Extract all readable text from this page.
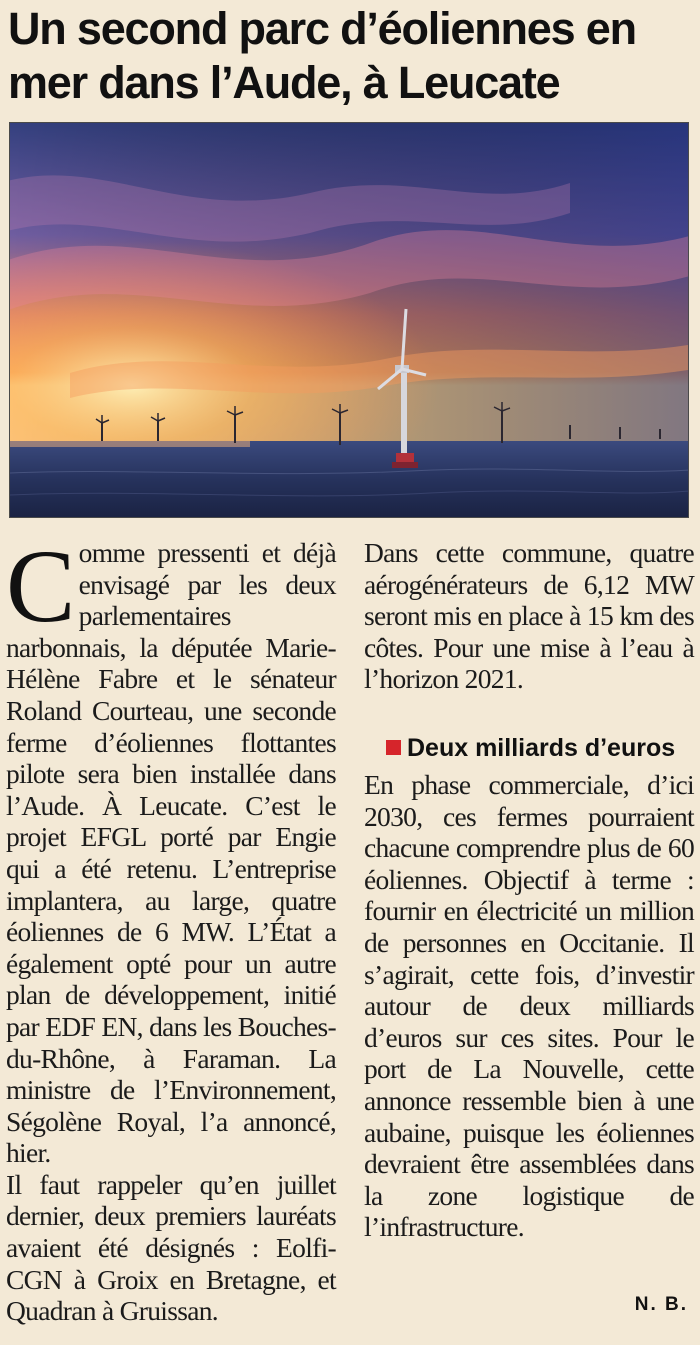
Un second parc d’éoliennes en mer dans l’Aude, à Leucate

Comme pressenti et déjà envisagé par les deux parlementaires narbonnais, la députée Marie-Hélène Fabre et le sénateur Roland Courteau, une seconde ferme d’éoliennes flottantes pilote sera bien installée dans l’Aude. À Leucate. C’est le projet EFGL porté par Engie qui a été retenu. L’entreprise implantera, au large, quatre éoliennes de 6 MW. L’État a également opté pour un autre plan de développement, initié par EDF EN, dans les Bouches-du-Rhône, à Faraman. La ministre de l’Environnement, Ségolène Royal, l’a annoncé, hier.

Il faut rappeler qu’en juillet dernier, deux premiers lauréats avaient été désignés : Eolfi-CGN à Groix en Bretagne, et Quadran à Gruissan.

Dans cette commune, quatre aérogénérateurs de 6,12 MW seront mis en place à 15 km des côtes. Pour une mise à l’eau à l’horizon 2021.

Deux milliards d’euros

En phase commerciale, d’ici 2030, ces fermes pourraient chacune comprendre plus de 60 éoliennes. Objectif à terme : fournir en électricité un million de personnes en Occitanie. Il s’agirait, cette fois, d’investir autour de deux milliards d’euros sur ces sites. Pour le port de La Nouvelle, cette annonce ressemble bien à une aubaine, puisque les éoliennes devraient être assemblées dans la zone logistique de l’infrastructure.

N. B.
